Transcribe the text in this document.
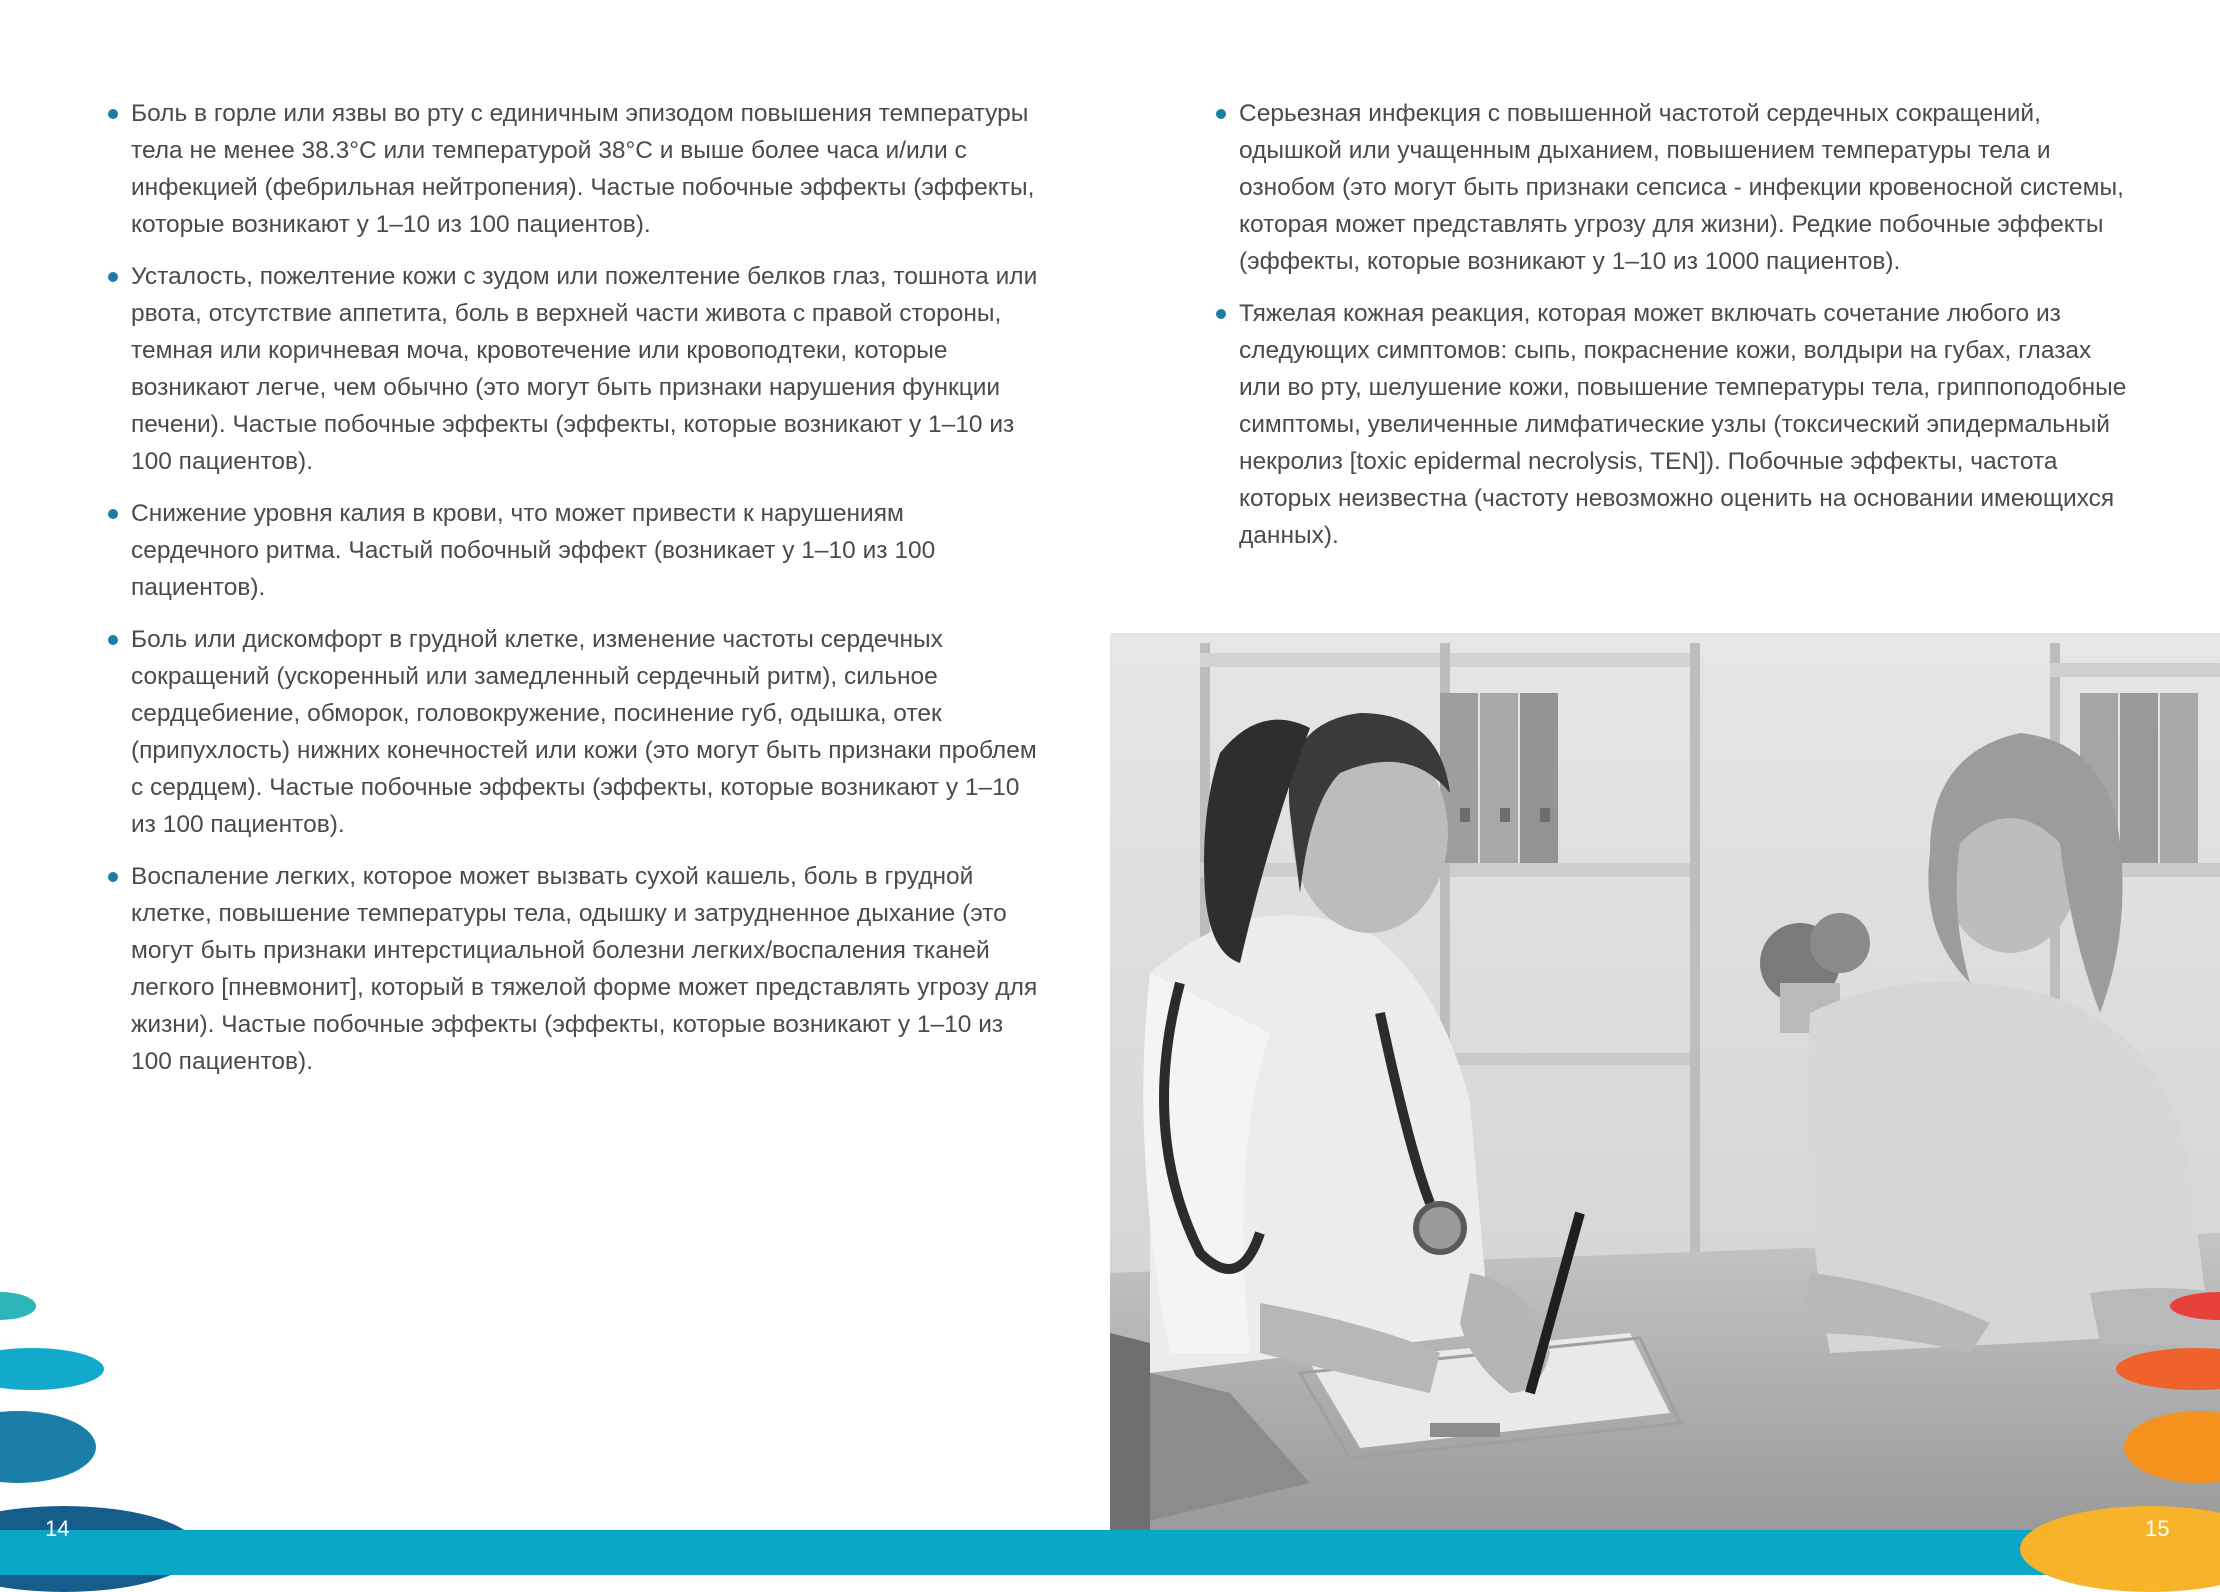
Боль в горле или язвы во рту с единичным эпизодом повышения температуры тела не менее 38.3°С или температурой 38°С и выше более часа и/или с инфекцией (фебрильная нейтропения). Частые побочные эффекты (эффекты, которые возникают у 1–10 из 100 пациентов).
Усталость, пожелтение кожи с зудом или пожелтение белков глаз, тошнота или рвота, отсутствие аппетита, боль в верхней части живота с правой стороны, темная или коричневая моча, кровотечение или кровоподтеки, которые возникают легче, чем обычно (это могут быть признаки нарушения функции печени). Частые побочные эффекты (эффекты, которые возникают у 1–10 из 100 пациентов).
Снижение уровня калия в крови, что может привести к нарушениям сердечного ритма. Частый побочный эффект (возникает у 1–10 из 100 пациентов).
Боль или дискомфорт в грудной клетке, изменение частоты сердечных сокращений (ускоренный или замедленный сердечный ритм), сильное сердцебиение, обморок, головокружение, посинение губ, одышка, отек (припухлость) нижних конечностей или кожи (это могут быть признаки проблем с сердцем). Частые побочные эффекты (эффекты, которые возникают у 1–10 из 100 пациентов).
Воспаление легких, которое может вызвать сухой кашель, боль в грудной клетке, повышение температуры тела, одышку и затрудненное дыхание (это могут быть признаки интерстициальной болезни легких/воспаления тканей легкого [пневмонит], который в тяжелой форме может представлять угрозу для жизни). Частые побочные эффекты (эффекты, которые возникают у 1–10 из 100 пациентов).
Серьезная инфекция с повышенной частотой сердечных сокращений, одышкой или учащенным дыханием, повышением температуры тела и ознобом (это могут быть признаки сепсиса - инфекции кровеносной системы, которая может представлять угрозу для жизни). Редкие побочные эффекты (эффекты, которые возникают у 1–10 из 1000 пациентов).
Тяжелая кожная реакция, которая может включать сочетание любого из следующих симптомов: сыпь, покраснение кожи, волдыри на губах, глазах или во рту, шелушение кожи, повышение температуры тела, гриппоподобные симптомы, увеличенные лимфатические узлы (токсический эпидермальный некролиз [toxic epidermal necrolysis, TEN]). Побочные эффекты, частота которых неизвестна (частоту невозможно оценить на основании имеющихся данных).
14	15
